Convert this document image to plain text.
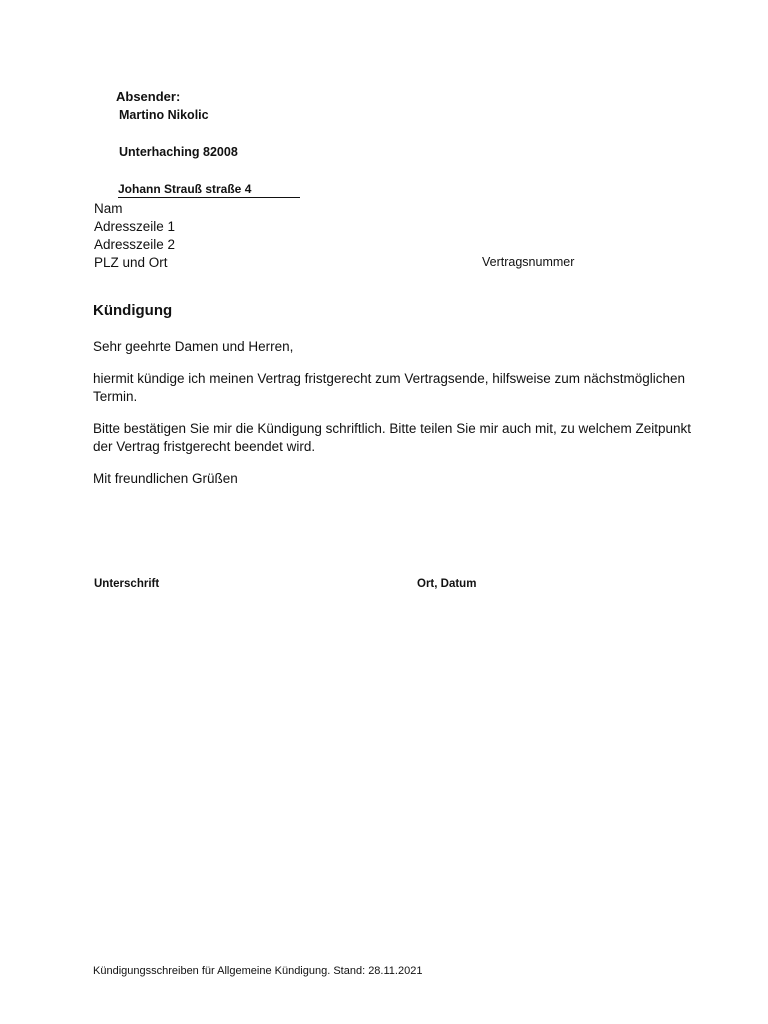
Absender:
Martino Nikolic
Unterhaching 82008
Johann Strauß straße 4
Nam
Adresszeile 1
Adresszeile 2
PLZ und Ort	Vertragsnummer
Kündigung
Sehr geehrte Damen und Herren,
hiermit kündige ich meinen Vertrag fristgerecht zum Vertragsende, hilfsweise zum nächstmöglichen Termin.
Bitte bestätigen Sie mir die Kündigung schriftlich. Bitte teilen Sie mir auch mit, zu welchem Zeitpunkt der Vertrag fristgerecht beendet wird.
Mit freundlichen Grüßen
Unterschrift	Ort, Datum
Kündigungsschreiben für Allgemeine Kündigung. Stand: 28.11.2021
